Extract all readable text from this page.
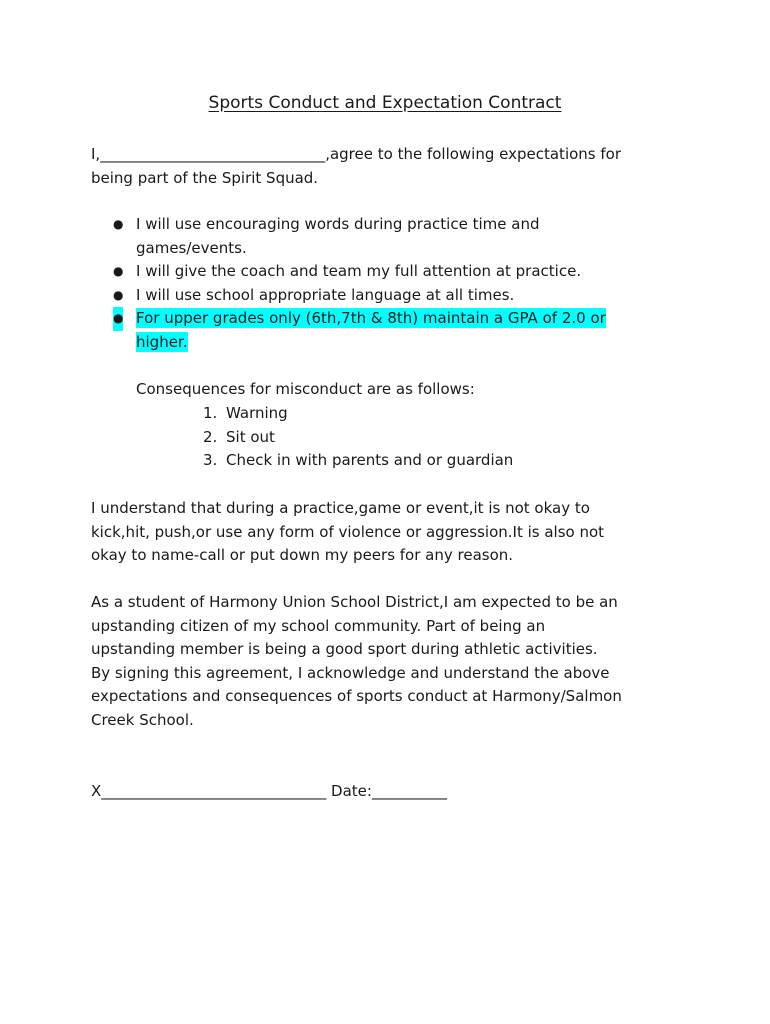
Sports Conduct and Expectation Contract
I,______________________________,agree to the following expectations for
being part of the Spirit Squad.
● I will use encouraging words during practice time and
games/events.
● I will give the coach and team my full attention at practice.
● I will use school appropriate language at all times.
● For upper grades only (6th,7th & 8th) maintain a GPA of 2.0 or
higher.
Consequences for misconduct are as follows:
1. Warning
2. Sit out
3. Check in with parents and or guardian
I understand that during a practice,game or event,it is not okay to
kick,hit, push,or use any form of violence or aggression.It is also not
okay to name-call or put down my peers for any reason.
As a student of Harmony Union School District,I am expected to be an
upstanding citizen of my school community. Part of being an
upstanding member is being a good sport during athletic activities.
By signing this agreement, I acknowledge and understand the above
expectations and consequences of sports conduct at Harmony/Salmon
Creek School.
X______________________________ Date:__________
